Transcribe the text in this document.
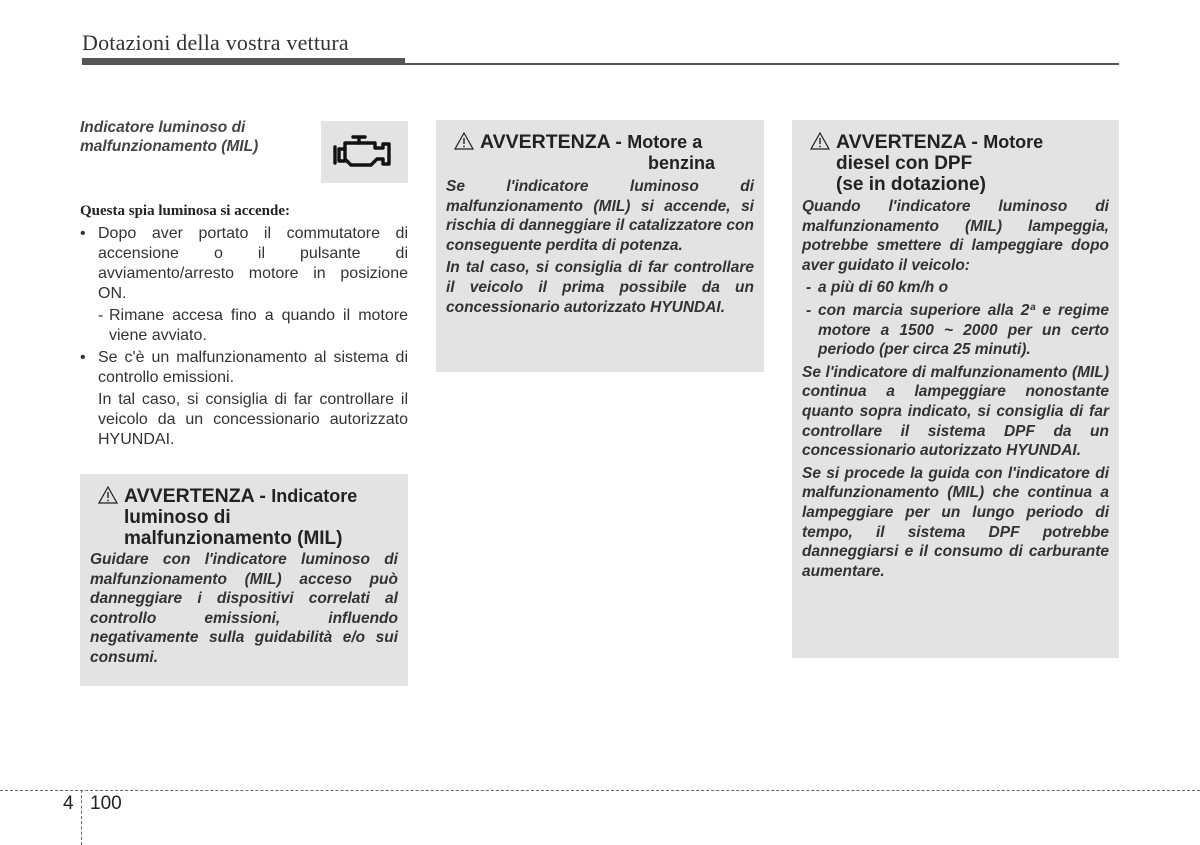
Dotazioni della vostra vettura
Indicatore luminoso di malfunzionamento (MIL)
Questa spia luminosa si accende:
• Dopo aver portato il commutatore di accensione o il pulsante di avviamento/arresto motore in posizione ON.
- Rimane accesa fino a quando il motore viene avviato.
• Se c'è un malfunzionamento al sistema di controllo emissioni.
In tal caso, si consiglia di far controllare il veicolo da un concessionario autorizzato HYUNDAI.
AVVERTENZA - Indicatore
luminoso di
malfunzionamento (MIL)

Guidare con l'indicatore luminoso di malfunzionamento (MIL) acceso può danneggiare i dispositivi correlati al controllo emissioni, influendo negativamente sulla guidabilità e/o sui consumi.

AVVERTENZA - Motore a
benzina

Se l'indicatore luminoso di malfunzionamento (MIL) si accende, si rischia di danneggiare il catalizzatore con conseguente perdita di potenza.

In tal caso, si consiglia di far controllare il veicolo il prima possibile da un concessionario autorizzato HYUNDAI.

AVVERTENZA - Motore
diesel con DPF
(se in dotazione)

Quando l'indicatore luminoso di malfunzionamento (MIL) lampeggia, potrebbe smettere di lampeggiare dopo aver guidato il veicolo:

- a più di 60 km/h o
- con marcia superiore alla 2ª e regime motore a 1500 ~ 2000 per un certo periodo (per circa 25 minuti).

Se l'indicatore di malfunzionamento (MIL) continua a lampeggiare nonostante quanto sopra indicato, si consiglia di far controllare il sistema DPF da un concessionario autorizzato HYUNDAI.

Se si procede la guida con l'indicatore di malfunzionamento (MIL) che continua a lampeggiare per un lungo periodo di tempo, il sistema DPF potrebbe danneggiarsi e il consumo di carburante aumentare.

4 100
